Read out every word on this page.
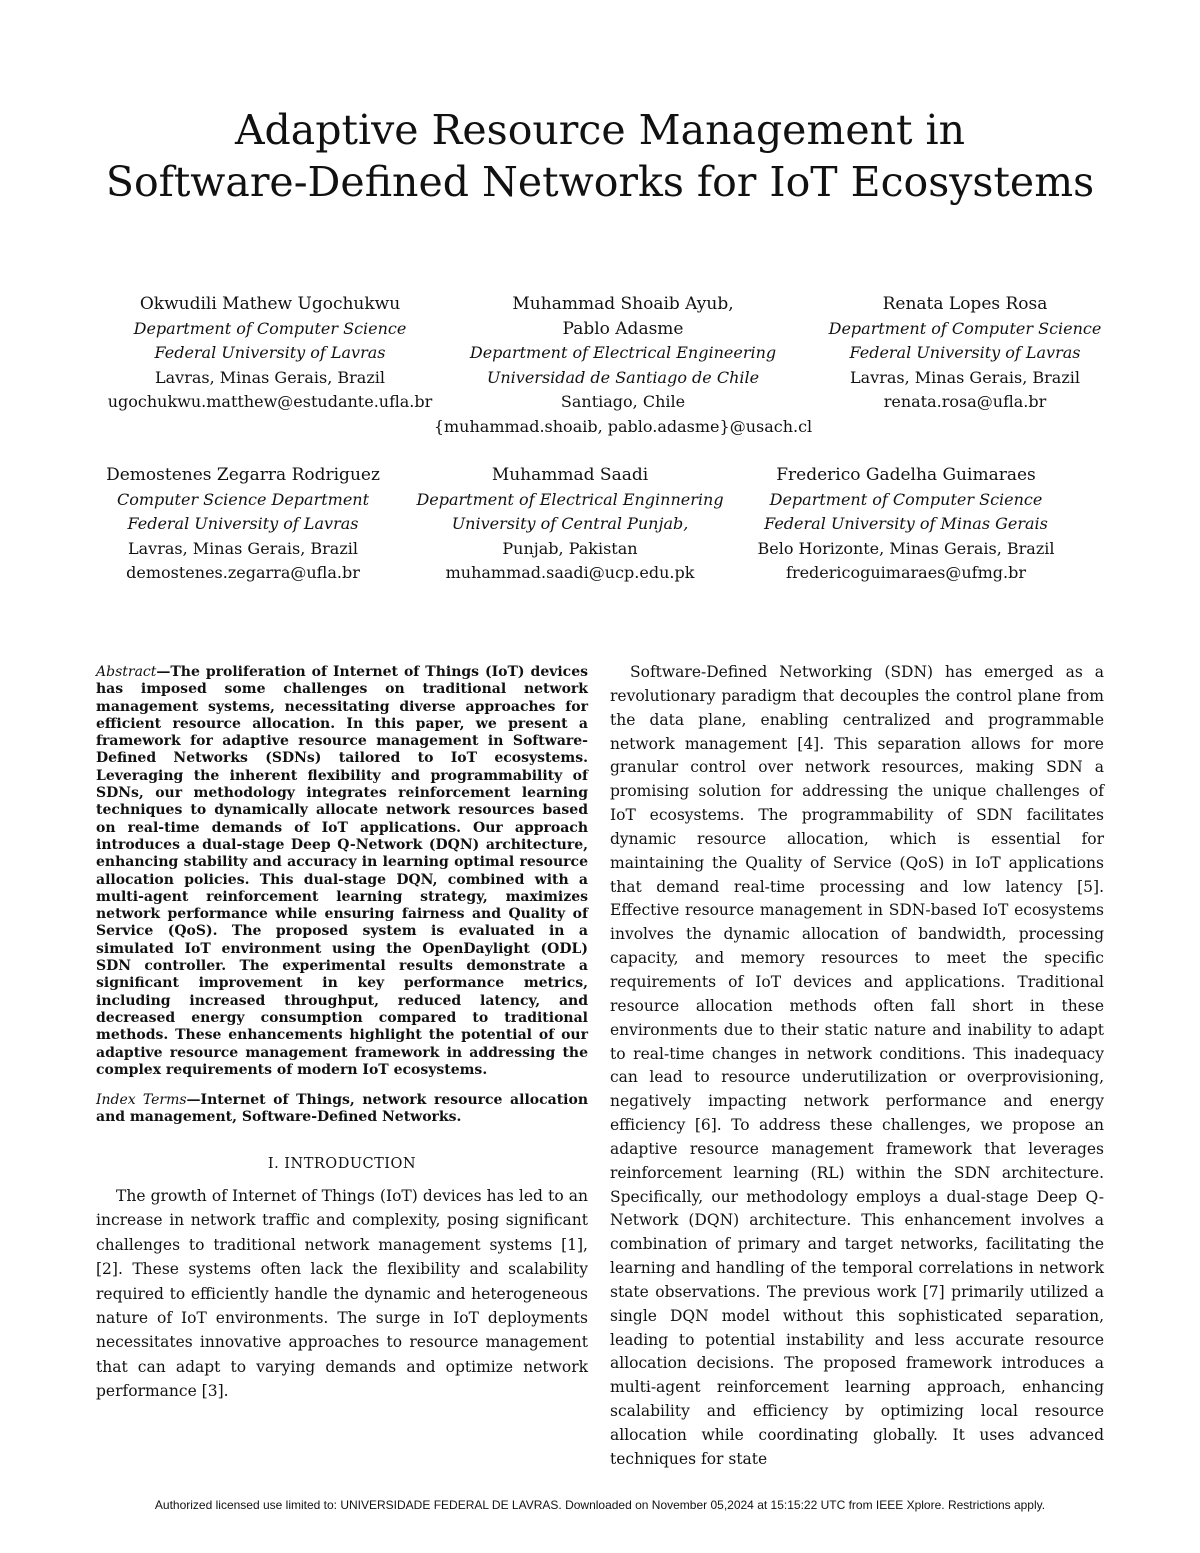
Adaptive Resource Management in
Software-Defined Networks for IoT Ecosystems
Okwudili Mathew Ugochukwu
Department of Computer Science
Federal University of Lavras
Lavras, Minas Gerais, Brazil
ugochukwu.matthew@estudante.ufla.br
Muhammad Shoaib Ayub,
Pablo Adasme
Department of Electrical Engineering
Universidad de Santiago de Chile
Santiago, Chile
{muhammad.shoaib, pablo.adasme}@usach.cl
Renata Lopes Rosa
Department of Computer Science
Federal University of Lavras
Lavras, Minas Gerais, Brazil
renata.rosa@ufla.br
Demostenes Zegarra Rodriguez
Computer Science Department
Federal University of Lavras
Lavras, Minas Gerais, Brazil
demostenes.zegarra@ufla.br
Muhammad Saadi
Department of Electrical Enginnering
University of Central Punjab,
Punjab, Pakistan
muhammad.saadi@ucp.edu.pk
Frederico Gadelha Guimaraes
Department of Computer Science
Federal University of Minas Gerais
Belo Horizonte, Minas Gerais, Brazil
fredericoguimaraes@ufmg.br
Abstract—The proliferation of Internet of Things (IoT) devices has imposed some challenges on traditional network management systems, necessitating diverse approaches for efficient resource allocation. In this paper, we present a framework for adaptive resource management in Software-Defined Networks (SDNs) tailored to IoT ecosystems. Leveraging the inherent flexibility and programmability of SDNs, our methodology integrates reinforcement learning techniques to dynamically allocate network resources based on real-time demands of IoT applications. Our approach introduces a dual-stage Deep Q-Network (DQN) architecture, enhancing stability and accuracy in learning optimal resource allocation policies. This dual-stage DQN, combined with a multi-agent reinforcement learning strategy, maximizes network performance while ensuring fairness and Quality of Service (QoS). The proposed system is evaluated in a simulated IoT environment using the OpenDaylight (ODL) SDN controller. The experimental results demonstrate a significant improvement in key performance metrics, including increased throughput, reduced latency, and decreased energy consumption compared to traditional methods. These enhancements highlight the potential of our adaptive resource management framework in addressing the complex requirements of modern IoT ecosystems.
Index Terms—Internet of Things, network resource allocation and management, Software-Defined Networks.
I. INTRODUCTION
The growth of Internet of Things (IoT) devices has led to an increase in network traffic and complexity, posing significant challenges to traditional network management systems [1], [2]. These systems often lack the flexibility and scalability required to efficiently handle the dynamic and heterogeneous nature of IoT environments. The surge in IoT deployments necessitates innovative approaches to resource management that can adapt to varying demands and optimize network performance [3].
Software-Defined Networking (SDN) has emerged as a revolutionary paradigm that decouples the control plane from the data plane, enabling centralized and programmable network management [4]. This separation allows for more granular control over network resources, making SDN a promising solution for addressing the unique challenges of IoT ecosystems. The programmability of SDN facilitates dynamic resource allocation, which is essential for maintaining the Quality of Service (QoS) in IoT applications that demand real-time processing and low latency [5]. Effective resource management in SDN-based IoT ecosystems involves the dynamic allocation of bandwidth, processing capacity, and memory resources to meet the specific requirements of IoT devices and applications. Traditional resource allocation methods often fall short in these environments due to their static nature and inability to adapt to real-time changes in network conditions. This inadequacy can lead to resource underutilization or overprovisioning, negatively impacting network performance and energy efficiency [6]. To address these challenges, we propose an adaptive resource management framework that leverages reinforcement learning (RL) within the SDN architecture. Specifically, our methodology employs a dual-stage Deep Q-Network (DQN) architecture. This enhancement involves a combination of primary and target networks, facilitating the learning and handling of the temporal correlations in network state observations. The previous work [7] primarily utilized a single DQN model without this sophisticated separation, leading to potential instability and less accurate resource allocation decisions. The proposed framework introduces a multi-agent reinforcement learning approach, enhancing scalability and efficiency by optimizing local resource allocation while coordinating globally. It uses advanced techniques for state
Authorized licensed use limited to: UNIVERSIDADE FEDERAL DE LAVRAS. Downloaded on November 05,2024 at 15:15:22 UTC from IEEE Xplore. Restrictions apply.
